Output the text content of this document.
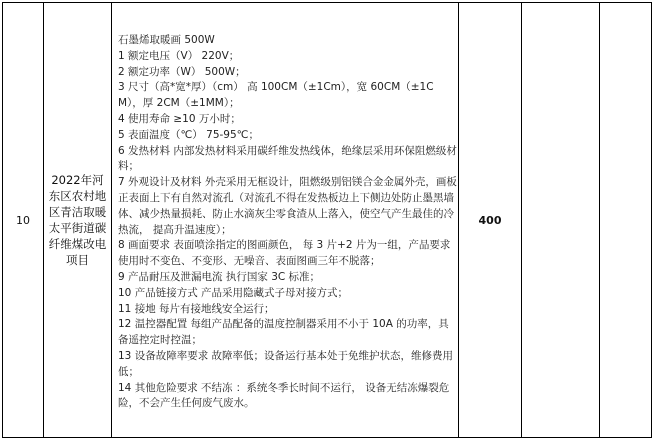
10
2022年河东区农村地区青洁取暖太平街道碳纤维煤改电项目
石墨烯取暖画 500W
1 额定电压（V） 220V；
2 额定功率（W） 500W；
3 尺寸（高*宽*厚）（cm） 高 100CM（±1Cm），宽 60CM（±1CM），厚 2CM（±1MM）；
4 使用寿命 ≥10 万小时；
5 表面温度（℃） 75-95℃；
6 发热材料 内部发热材料采用碳纤维发热线体，绝缘层采用环保阻燃级材料；
7 外观设计及材料 外壳采用无框设计，阻燃级别铝镁合金金属外壳，画板正表面上下有自然对流孔（对流孔不得在发热板边上下侧边处防止墨黑墙体、减少热量损耗、防止水滴灰尘零食渣从上落入，使空气产生最佳的冷热流， 提高升温速度）；
8 画面要求 表面喷涂指定的图画颜色， 每 3 片+2 片为一组，产品要求使用时不变色、不变形、无噪音、表面图画三年不脱落；
9 产品耐压及泄漏电流 执行国家 3C 标准；
10 产品链接方式 产品采用隐藏式子母对接方式；
11 接地 每片有接地线安全运行；
12 温控器配置 每组产品配备的温度控制器采用不小于 10A 的功率，具备遥控定时控温；
13 设备故障率要求 故障率低；设备运行基本处于免维护状态，维修费用低；
14 其他危险要求 不结冻 ：系统冬季长时间不运行， 设备无结冻爆裂危险，不会产生任何废气废水。
400
